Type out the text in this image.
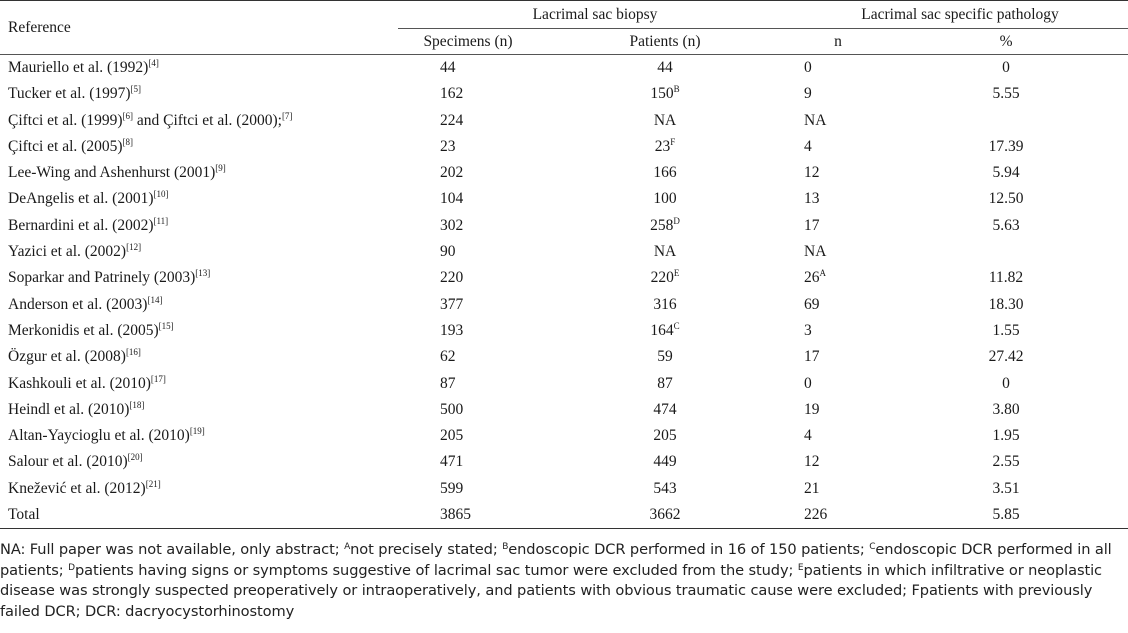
Reference	Lacrimal sac biopsy		Lacrimal sac specific pathology	
	Specimens (n)	Patients (n)	n	%
Mauriello et al. (1992)[4]	44	44	0	0
Tucker et al. (1997)[5]	162	$150^B$	9	5.55
Çiftci et al. (1999)[6] and Çiftci et al. (2000);[7]	224	NA	NA	
Çiftci et al. (2005)[8]	23	$23^F$	4	17.39
Lee-Wing and Ashenhurst (2001)[9]	202	166	12	5.94
DeAngelis et al. (2001)[10]	104	100	13	12.50
Bernardini et al. (2002)[11]	302	$258^D$	17	5.63
Yazici et al. (2002)[12]	90	NA	NA	
Soparkar and Patrinely (2003)[13]	220	$220^E$	$26^A$	11.82
Anderson et al. (2003)[14]	377	316	69	18.30
Merkonidis et al. (2005)[15]	193	$164^C$	3	1.55
Özgur et al. (2008)[16]	62	59	17	27.42
Kashkouli et al. (2010)[17]	87	87	0	0
Heindl et al. (2010)[18]	500	474	19	3.80
Altan-Yaycioglu et al. (2010)[19]	205	205	4	1.95
Salour et al. (2010)[20]	471	449	12	2.55
Knežević et al. (2012)[21]	599	543	21	3.51
Total	3865	3662	226	5.85
NA: Full paper was not available, only abstract; $^A$not precisely stated; $^B$endoscopic DCR performed in 16 of 150 patients; $^C$endoscopic DCR performed in all patients; $^D$patients having signs or symptoms suggestive of lacrimal sac tumor were excluded from the study; $^E$patients in which infiltrative or neoplastic disease was strongly suspected preoperatively or intraoperatively, and patients with obvious traumatic cause were excluded; Fpatients with previously failed DCR; DCR: dacryocystorhinostomy
